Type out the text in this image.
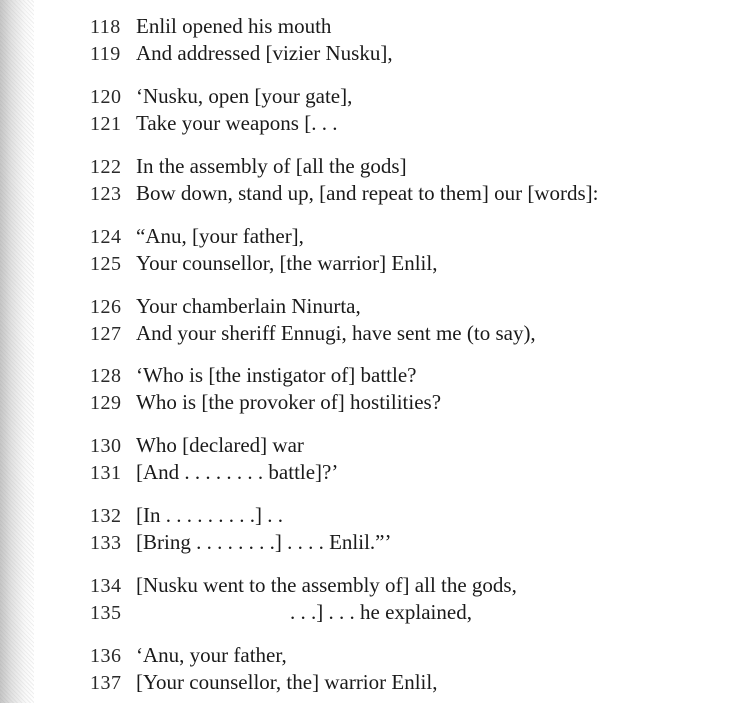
118 Enlil opened his mouth
119 And addressed [vizier Nusku],
120 ‘Nusku, open [your gate],
121 Take your weapons [. . .
122 In the assembly of [all the gods]
123 Bow down, stand up, [and repeat to them] our [words]:
124 “Anu, [your father],
125 Your counsellor, [the warrior] Enlil,
126 Your chamberlain Ninurta,
127 And your sheriff Ennugi, have sent me (to say),
128 ‘Who is [the instigator of] battle?
129 Who is [the provoker of] hostilities?
130 Who [declared] war
131 [And . . . . . . . . battle]?’
132 [In . . . . . . . . .] . .
133 [Bring . . . . . . . .] . . . . Enlil.”’
134 [Nusku went to the assembly of] all the gods,
135	. . .] . . . he explained,
136 ‘Anu, your father,
137 [Your counsellor, the] warrior Enlil,
